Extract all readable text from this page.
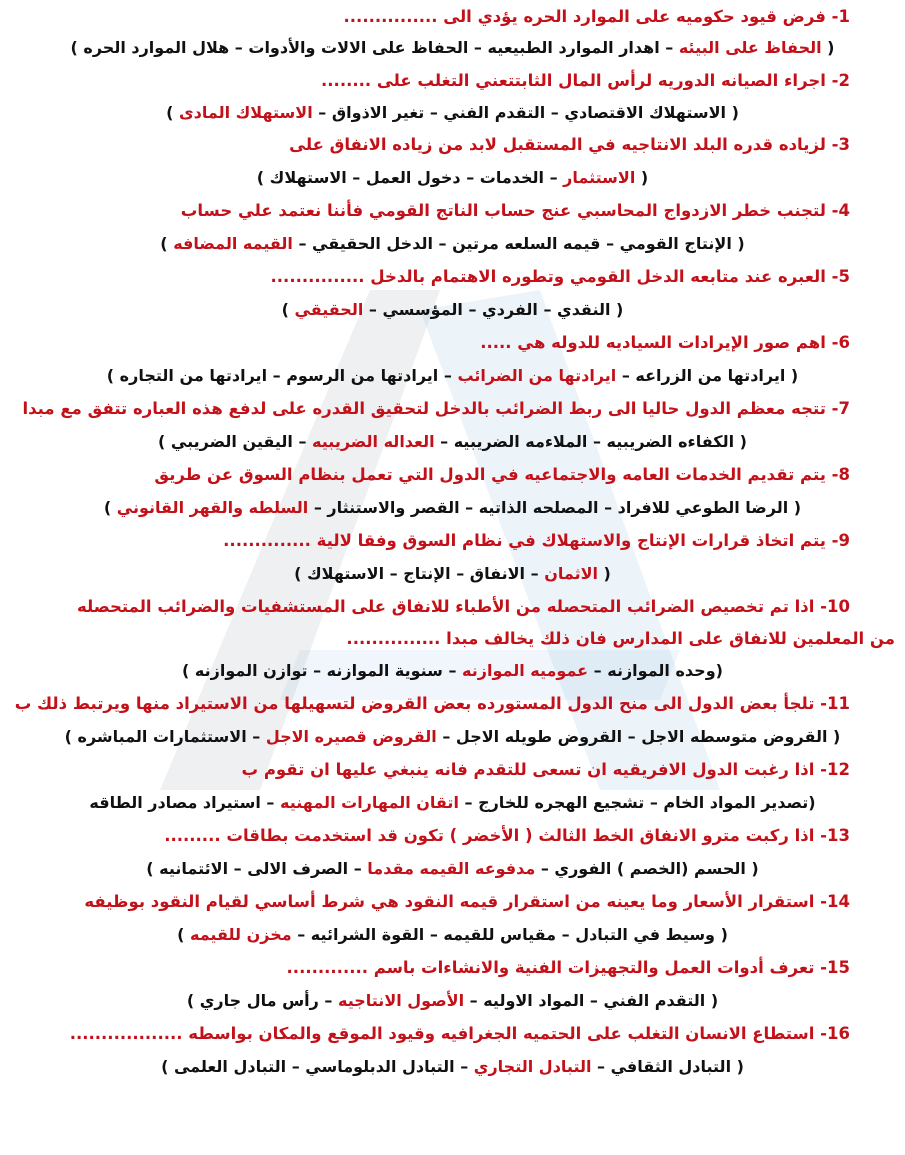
1- فرض قيود حكوميه على الموارد الحره يؤدي الى ...............
( الحفاظ على البيئه – اهدار الموارد الطبيعيه – الحفاظ على الالات والأدوات – هلال الموارد الحره )
2- اجراء الصيانه الدوريه لرأس المال الثابتتعني التغلب على ........
( الاستهلاك الاقتصادي – التقدم الفني – تغير الاذواق – الاستهلاك المادى )
3- لزياده قدره البلد الانتاجيه في المستقبل لابد من زياده الانفاق على
( الاستثمار – الخدمات – دخول العمل – الاستهلاك )
4- لتجنب خطر الازدواج المحاسبي عنج حساب الناتج القومي فأننا نعتمد علي حساب
( الإنتاج القومي – قيمه السلعه مرتين – الدخل الحقيقي – القيمه المضافه )
5- العبره عند متابعه الدخل القومي وتطوره الاهتمام بالدخل ...............
( النقدي – الفردي – المؤسسي – الحقيقي )
6- اهم صور الإيرادات السياديه للدوله هي .....
( ايرادتها من الزراعه – ايرادتها من الضرائب – ايرادتها من الرسوم – ايرادتها من التجاره )
7- تتجه معظم الدول حاليا الى ربط الضرائب بالدخل لتحقيق القدره على لدفع هذه العباره تتفق مع مبدا
( الكفاءه الضريبيه – الملاءمه الضريبيه – العداله الضريبيه – اليقين الضريبي )
8- يتم تقديم الخدمات العامه والاجتماعيه في الدول التي تعمل بنظام السوق عن طريق
( الرضا الطوعي للافراد – المصلحه الذاتيه – القصر والاستنثار – السلطه والقهر القانوني )
9- يتم اتخاذ قرارات الإنتاج والاستهلاك في نظام السوق وفقا لالية ..............
( الاثمان – الانفاق – الإنتاج – الاستهلاك )
10- اذا تم تخصيص الضرائب المتحصله من الأطباء للانفاق على المستشفيات والضرائب المتحصله
من المعلمين للانفاق على المدارس فان ذلك يخالف مبدا ...............
(وحده الموازنه – عموميه الموازنه – سنوية الموازنه – توازن الموازنه )
11- تلجأ بعض الدول الى منح الدول المستورده بعض القروض لتسهيلها من الاستيراد منها ويرتبط ذلك ب
( القروض متوسطه الاجل – القروض طويله الاجل – القروض قصيره الاجل – الاستثمارات المباشره )
12- اذا رغبت الدول الافريقيه ان تسعى للتقدم فانه ينبغي عليها ان تقوم ب
(تصدير المواد الخام – تشجيع الهجره للخارج – اتقان المهارات المهنيه – استيراد مصادر الطاقه
13- اذا ركبت مترو الانفاق الخط الثالث ( الأخضر ) تكون قد استخدمت بطاقات .........
( الحسم (الخصم ) الفوري – مدفوعه القيمه مقدما – الصرف الالى – الائتمانيه )
14- استقرار الأسعار وما يعينه من استقرار قيمه النقود هي شرط أساسي لقيام النقود بوظيفه
( وسيط في التبادل – مقياس للقيمه – القوة الشرائيه – مخزن للقيمه )
15- تعرف أدوات العمل والتجهيزات الفنية والانشاءات باسم .............
( التقدم الفني – المواد الاوليه – الأصول الانتاجيه – رأس مال جاري )
16- استطاع الانسان التغلب على الحتميه الجغرافيه وقيود الموقع والمكان بواسطه ..................
( التبادل الثقافي – التبادل التجاري – التبادل الدبلوماسي – التبادل العلمى )
